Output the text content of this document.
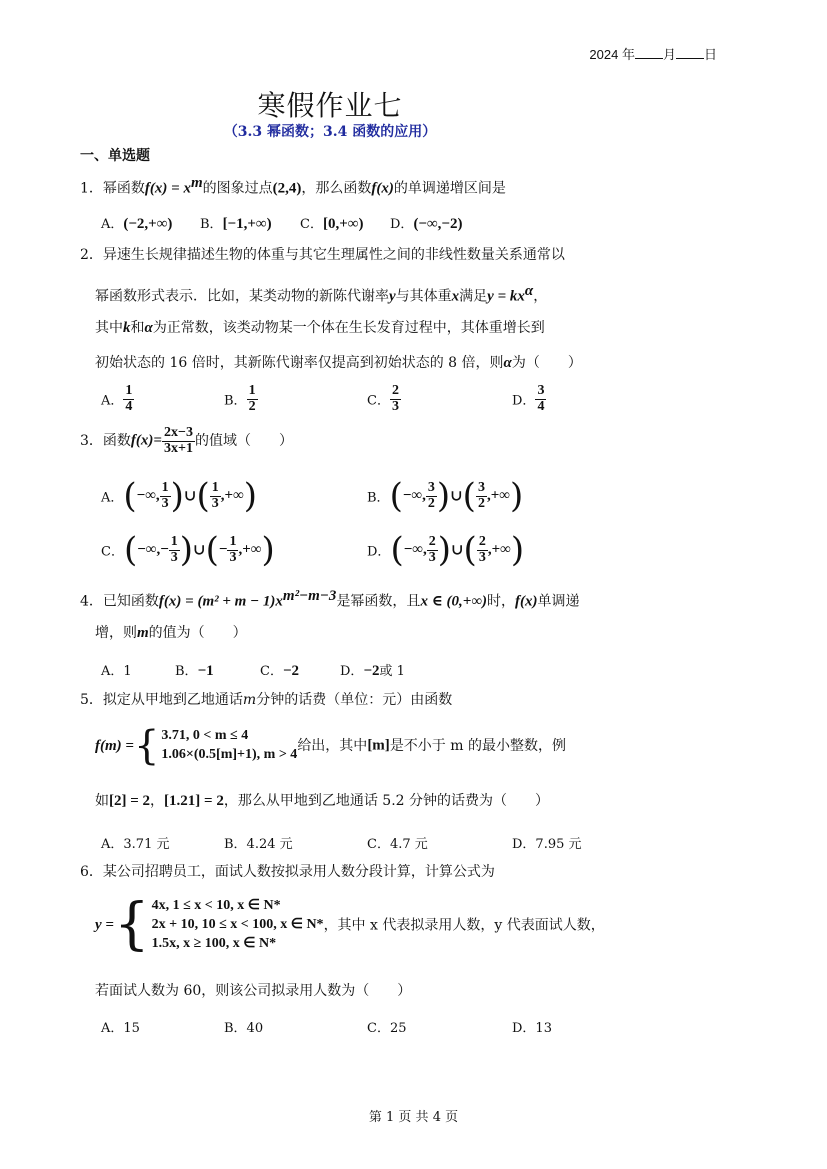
2024 年 月 日
寒假作业七
（3.3 幂函数；3.4 函数的应用）
一、单选题
1．幂函数$f(x) = x^m$的图象过点(2,4)，那么函数f(x)的单调递增区间是
A．(−2,+∞) B．[−1,+∞) C．[0,+∞) D．(−∞,−2)
2．异速生长规律描述生物的体重与其它生理属性之间的非线性数量关系通常以
幂函数形式表示．比如，某类动物的新陈代谢率y与其体重x满足$y = kx^\alpha$，
其中k和α为正常数，该类动物某一个体在生长发育过程中，其体重增长到
初始状态的 16 倍时，其新陈代谢率仅提高到初始状态的 8 倍，则α为（　　）
A． $\frac{1}{4}$	B． $\frac{1}{2}$	C． $\frac{2}{3}$	D． $\frac{3}{4}$
3．函数$f(x)= \frac{2x-3}{3x+1}$ 的值域（　　）
A．(−∞, $\frac{1}{3}$ )∪( $\frac{1}{3}$ ,+∞)	B．(−∞, $\frac{3}{2}$ )∪( $\frac{3}{2}$ ,+∞)
C．(−∞,− $\frac{1}{3}$ )∪(− $\frac{1}{3}$ ,+∞)	D．(−∞, $\frac{2}{3}$ )∪( $\frac{2}{3}$ ,+∞)
4．已知函数$f(x) = (m^2 + m - 1)x^{m^2-m-3}$是幂函数，且x ∈ (0,+∞)时，f(x)单调递
增，则m的值为（　　）
A．1	B．−1	C．−2	D．−2或 1
5．拟定从甲地到乙地通话m分钟的话费（单位：元）由函数
f(m) = { 3.71, 0 < m ≤ 4
1.06×(0.5[m]+1), m > 4
给出，其中[m]是不小于 m 的最小整数，例
如[2] = 2，[1.21] = 2，那么从甲地到乙地通话 5.2 分钟的话费为（　　）
A．3.71 元	B．4.24 元	C．4.7 元	D．7.95 元
6．某公司招聘员工，面试人数按拟录用人数分段计算，计算公式为
y = { 4x, 1 ≤ x < 10, x ∈ N*
2x + 10, 10 ≤ x < 100, x ∈ N*
1.5x, x ≥ 100, x ∈ N*
，其中 x 代表拟录用人数，y 代表面试人数，
若面试人数为 60，则该公司拟录用人数为（　　）
A．15	B．40	C．25	D．13
第 1 页 共 4 页
